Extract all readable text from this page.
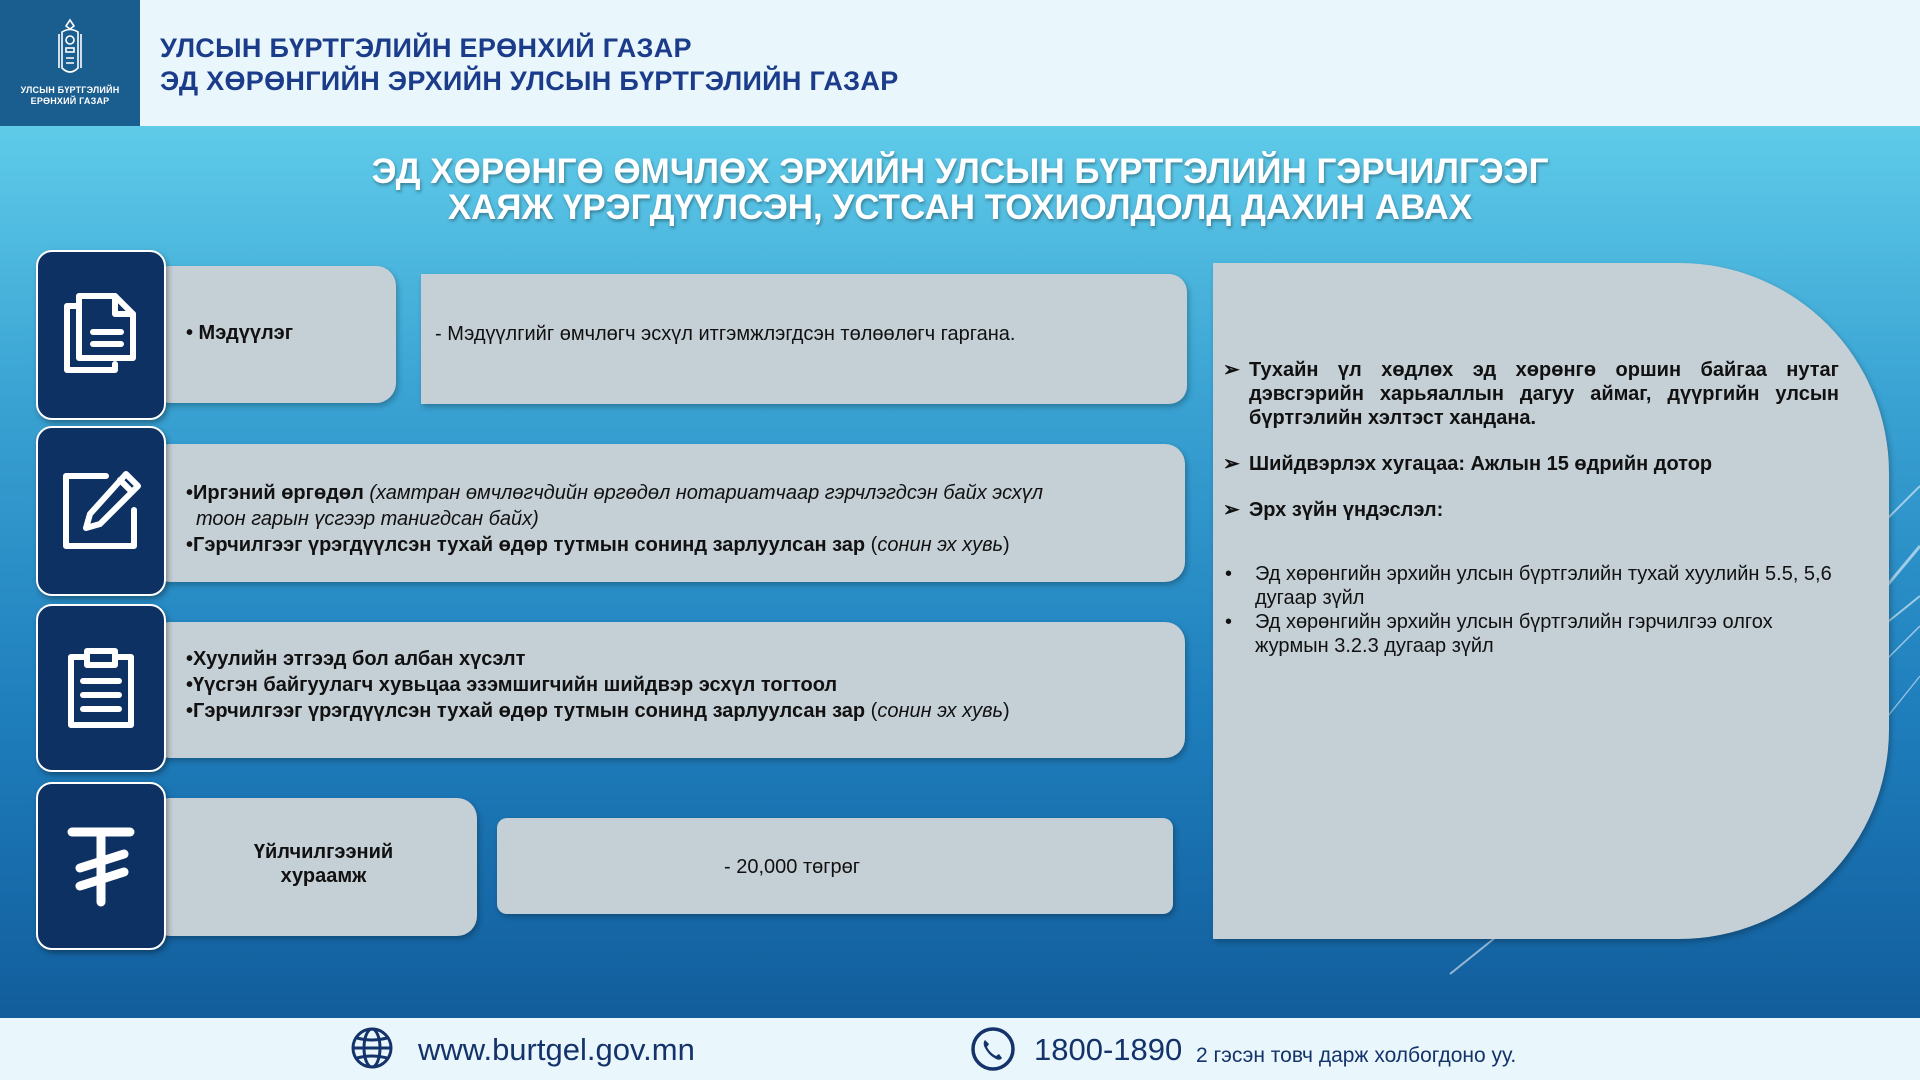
УЛСЫН БҮРТГЭЛИЙН ЕРӨНХИЙ ГАЗАР
УЛСЫН БҮРТГЭЛИЙН ЕРӨНХИЙ ГАЗАР
ЭД ХӨРӨНГИЙН ЭРХИЙН УЛСЫН БҮРТГЭЛИЙН ГАЗАР
ЭД ХӨРӨНГӨ ӨМЧЛӨХ ЭРХИЙН УЛСЫН БҮРТГЭЛИЙН ГЭРЧИЛГЭЭГ
ХАЯЖ ҮРЭГДҮҮЛСЭН, УСТСАН ТОХИОЛДОЛД ДАХИН АВАХ
• Мэдүүлэг	- Мэдүүлгийг өмчлөгч эсхүл итгэмжлэгдсэн төлөөлөгч гаргана.
•Иргэний өргөдөл (хамтран өмчлөгчдийн өргөдөл нотариатчаар гэрчлэгдсэн байх эсхүл
тоон гарын үсгээр танигдсан байх)
•Гэрчилгээг үрэгдүүлсэн тухай өдөр тутмын сонинд зарлуулсан зар (сонин эх хувь)
•Хуулийн этгээд бол албан хүсэлт
•Үүсгэн байгуулагч хувьцаа эзэмшигчийн шийдвэр эсхүл тогтоол
•Гэрчилгээг үрэгдүүлсэн тухай өдөр тутмын сонинд зарлуулсан зар (сонин эх хувь)
Үйлчилгээний
хураамж	- 20,000 төгрөг
➢ Тухайн үл хөдлөх эд хөрөнгө оршин байгаа нутаг дэвсгэрийн харьяаллын дагуу аймаг, дүүргийн улсын бүртгэлийн хэлтэст хандана.
➢ Шийдвэрлэх хугацаа: Ажлын 15 өдрийн дотор
➢ Эрх зүйн үндэслэл:
•	Эд хөрөнгийн эрхийн улсын бүртгэлийн тухай хуулийн 5.5, 5,6 дугаар зүйл
•	Эд хөрөнгийн эрхийн улсын бүртгэлийн гэрчилгээ олгох журмын 3.2.3 дугаар зүйл
www.burtgel.gov.mn	1800-1890 2 гэсэн товч дарж холбогдоно уу.
